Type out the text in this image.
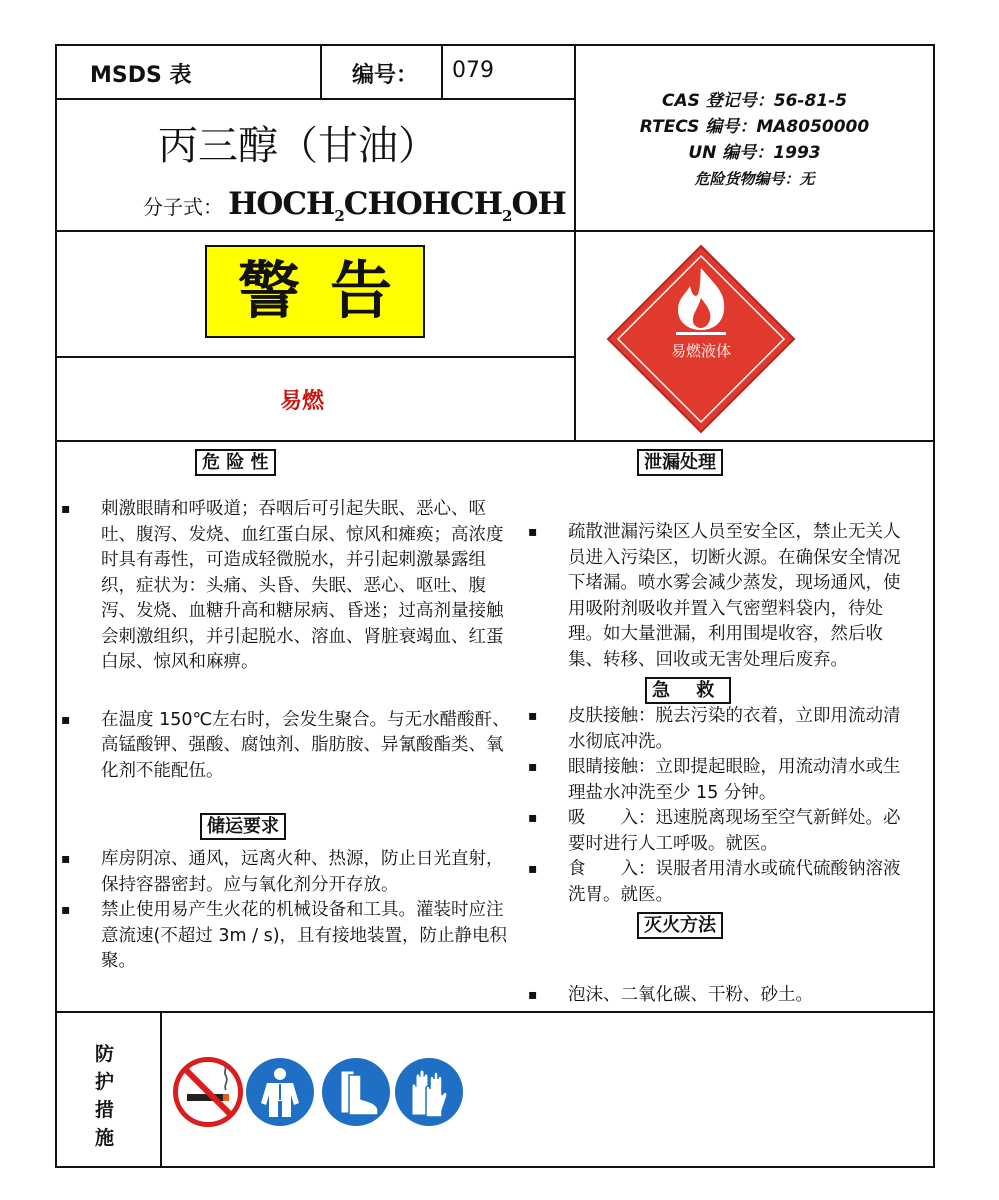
MSDS 表	编号： 079
丙三醇（甘油）
分子式： $HOCH_2CHOHCH_2OH$
CAS 登记号：56-81-5
RTECS 编号：MA8050000
UN 编号：1993
危险货物编号：无
警告
易燃
易燃液体
危 险 性
▪ 刺激眼睛和呼吸道；吞咽后可引起失眠、恶心、呕吐、腹泻、发烧、血红蛋白尿、惊风和瘫痪；高浓度时具有毒性，可造成轻微脱水，并引起刺激暴露组织，症状为：头痛、头昏、失眠、恶心、呕吐、腹泻、发烧、血糖升高和糖尿病、昏迷；过高剂量接触会刺激组织，并引起脱水、溶血、肾脏衰竭血、红蛋白尿、惊风和麻痹。
▪ 在温度 150℃左右时，会发生聚合。与无水醋酸酐、高锰酸钾、强酸、腐蚀剂、脂肪胺、异氰酸酯类、氧化剂不能配伍。
储运要求
▪ 库房阴凉、通风，远离火种、热源，防止日光直射，保持容器密封。应与氧化剂分开存放。
▪ 禁止使用易产生火花的机械设备和工具。灌装时应注意流速(不超过 3m / s)，且有接地装置，防止静电积聚。
泄漏处理
▪ 疏散泄漏污染区人员至安全区，禁止无关人员进入污染区，切断火源。在确保安全情况下堵漏。喷水雾会减少蒸发，现场通风，使用吸附剂吸收并置入气密塑料袋内，待处理。如大量泄漏，利用围堤收容，然后收集、转移、回收或无害处理后废弃。
急 救
▪ 皮肤接触：脱去污染的衣着，立即用流动清水彻底冲洗。
▪ 眼睛接触：立即提起眼睑，用流动清水或生理盐水冲洗至少 15 分钟。
▪ 吸　　入：迅速脱离现场至空气新鲜处。必要时进行人工呼吸。就医。
▪ 食　　入：误服者用清水或硫代硫酸钠溶液洗胃。就医。
灭火方法
▪ 泡沫、二氧化碳、干粉、砂土。
防
护
措
施
